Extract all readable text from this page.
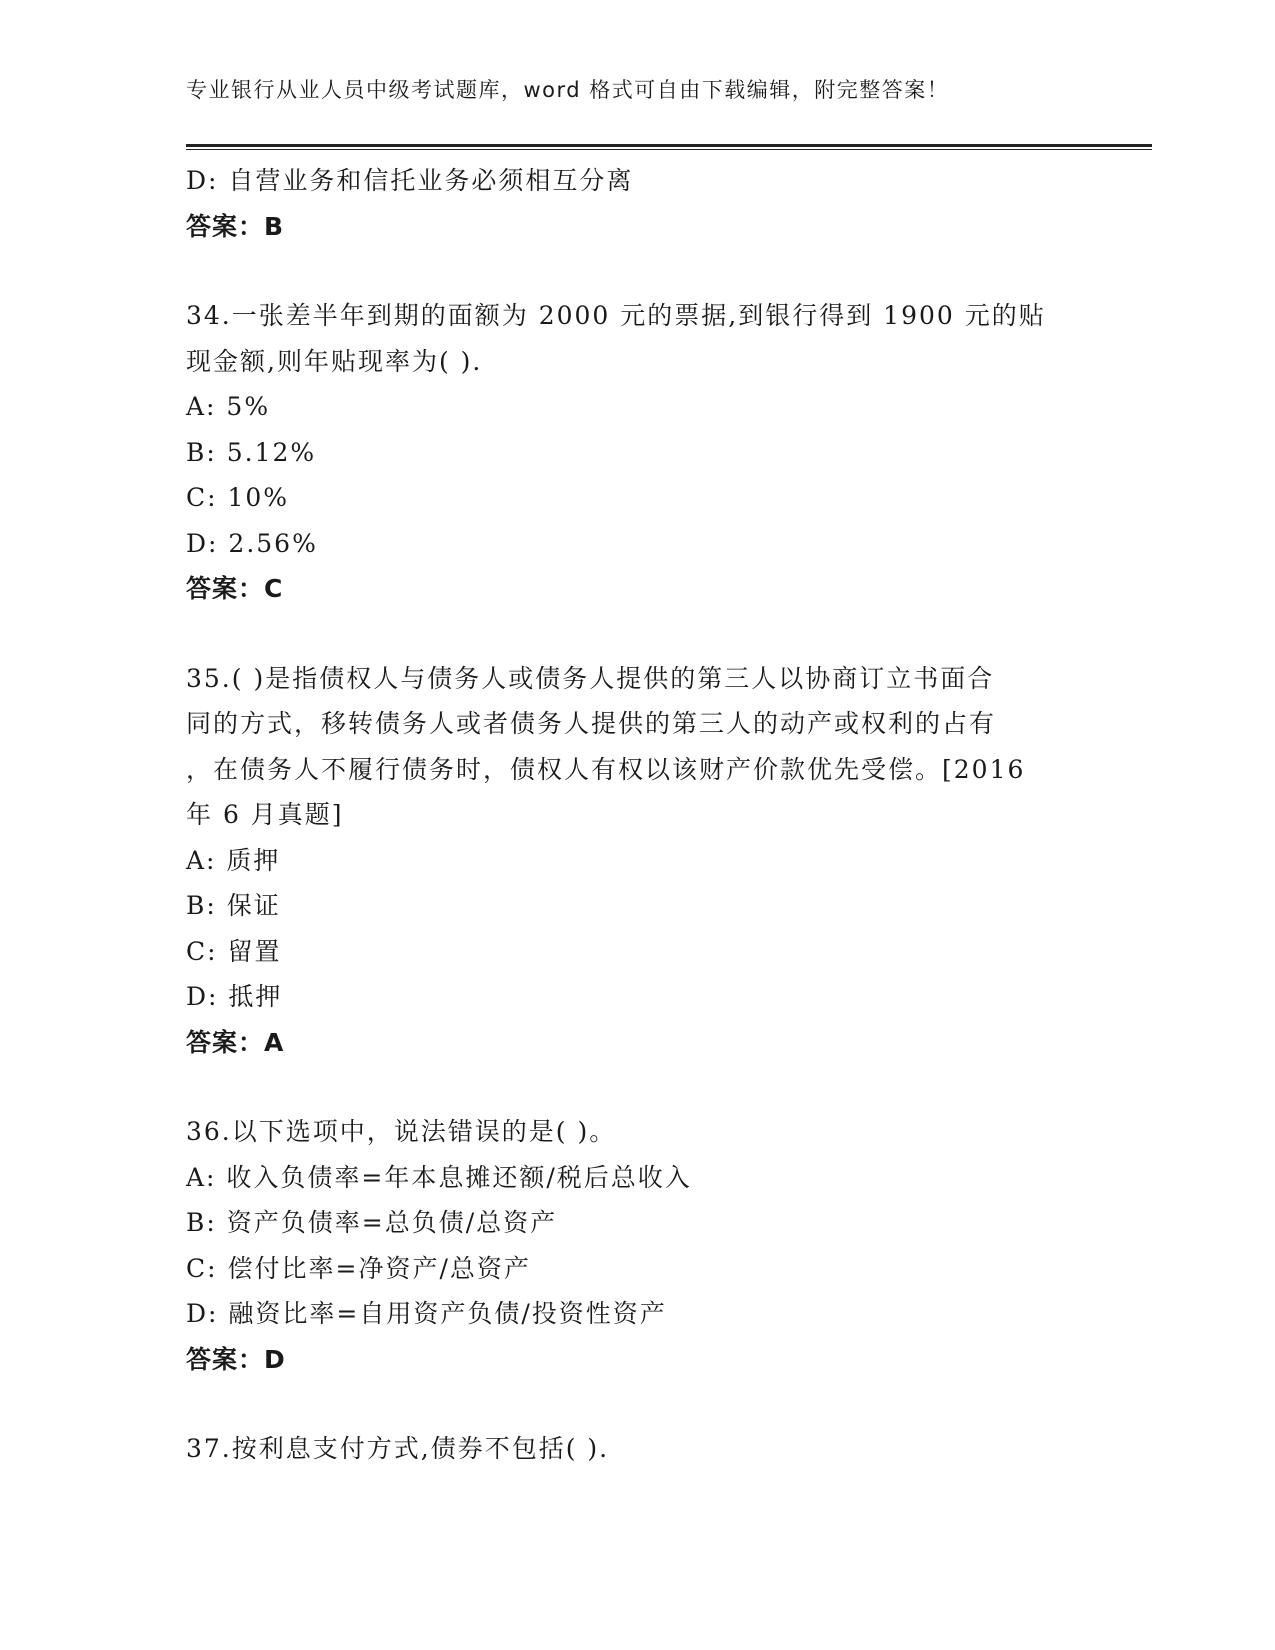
专业银行从业人员中级考试题库，word 格式可自由下载编辑，附完整答案！
D: 自营业务和信托业务必须相互分离
答案：B
34.一张差半年到期的面额为 2000 元的票据,到银行得到 1900 元的贴
现金额,则年贴现率为( ).
A: 5%
B: 5.12%
C: 10%
D: 2.56%
答案：C
35.( )是指债权人与债务人或债务人提供的第三人以协商订立书面合
同的方式，移转债务人或者债务人提供的第三人的动产或权利的占有
，在债务人不履行债务时，债权人有权以该财产价款优先受偿。[2016
年 6 月真题]
A: 质押
B: 保证
C: 留置
D: 抵押
答案：A
36.以下选项中，说法错误的是( )。
A: 收入负债率=年本息摊还额/税后总收入
B: 资产负债率=总负债/总资产
C: 偿付比率=净资产/总资产
D: 融资比率=自用资产负债/投资性资产
答案：D
37.按利息支付方式,债券不包括( ).
